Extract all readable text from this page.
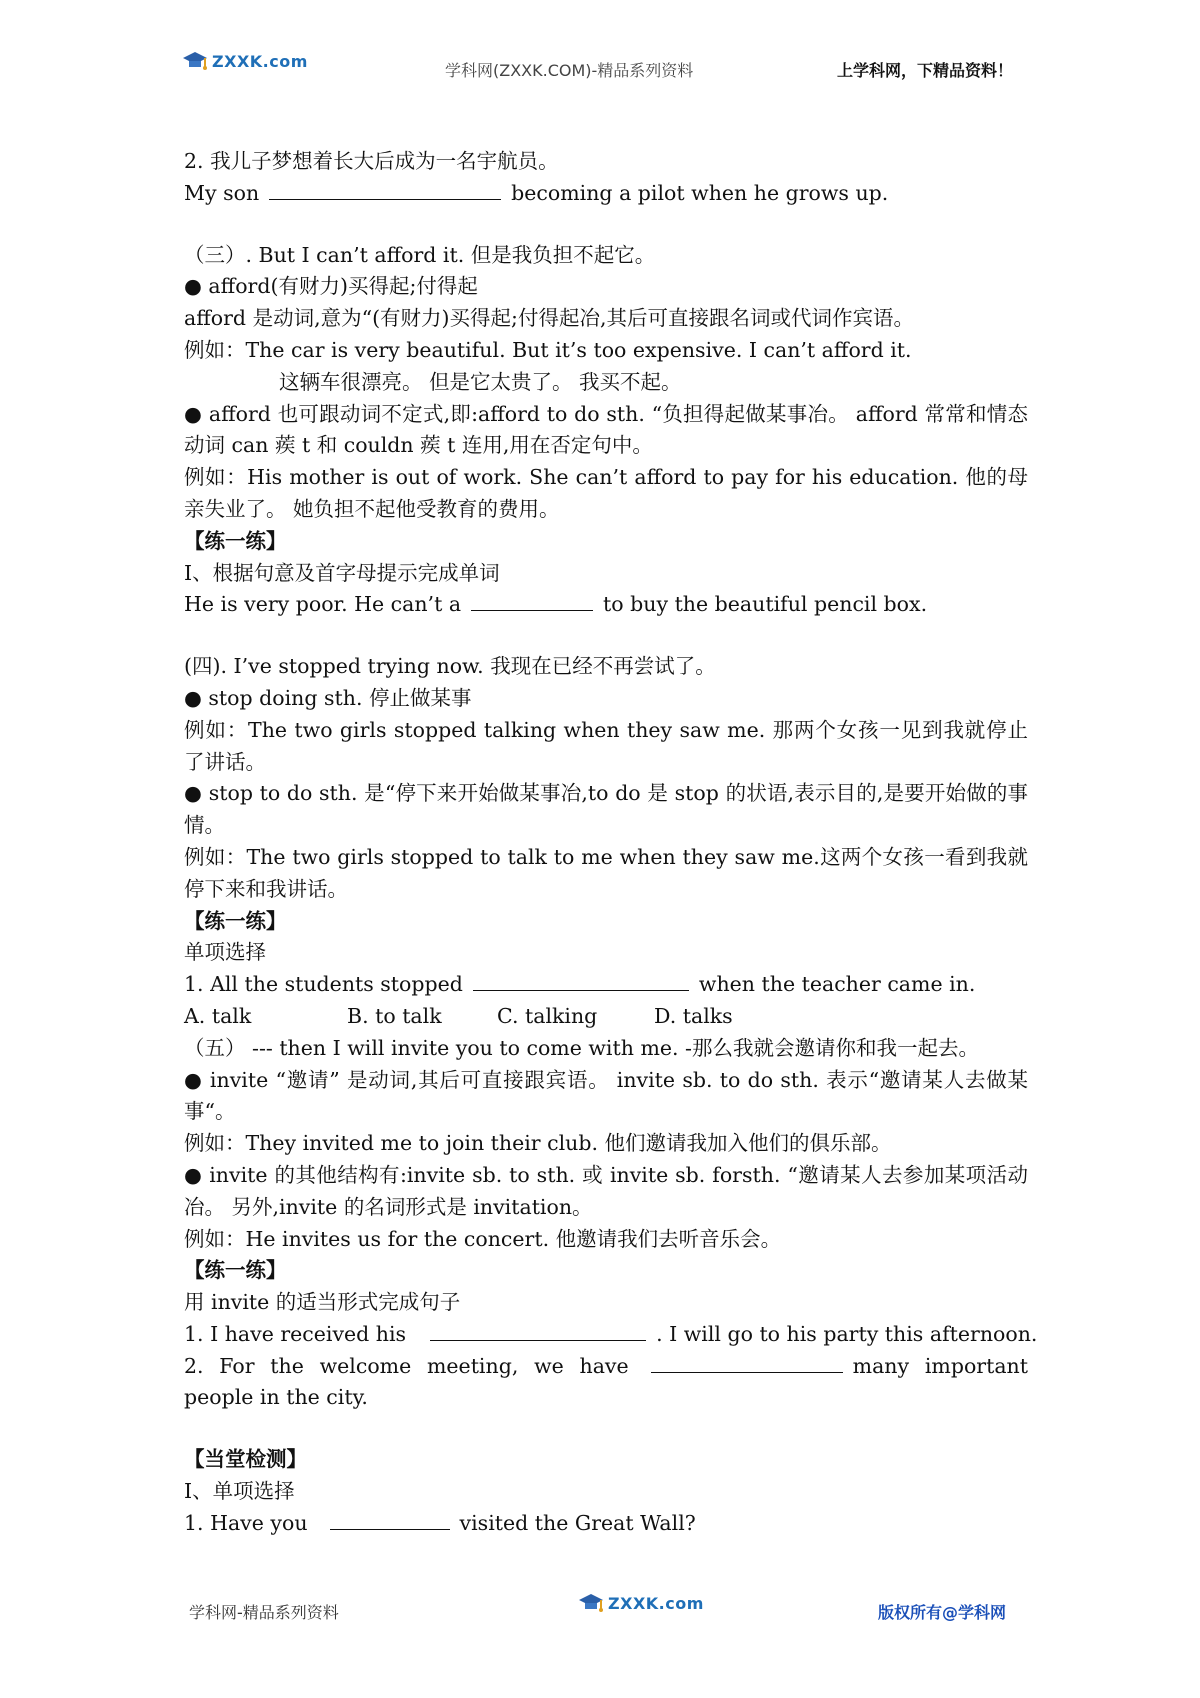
ZXXK.com	学科网(ZXXK.COM)-精品系列资料	上学科网，下精品资料！

2. 我儿子梦想着长大后成为一名宇航员。

My son	becoming a pilot when he grows up.

（三）. But I can’t afford it. 但是我负担不起它。

● afford(有财力)买得起;付得起

afford 是动词,意为“(有财力)买得起;付得起冶,其后可直接跟名词或代词作宾语。

例如：The car is very beautiful. But it’s too expensive. I can’t afford it.

这辆车很漂亮。 但是它太贵了。 我买不起。

● afford 也可跟动词不定式,即:afford to do sth. “负担得起做某事冶。 afford 常常和情态动词 can 蒺 t 和 couldn 蒺 t 连用,用在否定句中。

例如：His mother is out of work. She can’t afford to pay for his education. 他的母亲失业了。 她负担不起他受教育的费用。

【练一练】

I、根据句意及首字母提示完成单词

He is very poor. He can’t a	to buy the beautiful pencil box.

(四). I’ve stopped trying now. 我现在已经不再尝试了。

● stop doing sth. 停止做某事

例如：The two girls stopped talking when they saw me. 那两个女孩一见到我就停止了讲话。

● stop to do sth. 是“停下来开始做某事冶,to do 是 stop 的状语,表示目的,是要开始做的事情。

例如：The two girls stopped to talk to me when they saw me.这两个女孩一看到我就停下来和我讲话。

【练一练】

单项选择

1. All the students stopped	when the teacher came in.

A. talk	B. to talk	C. talking	D. talks

（五） --- then I will invite you to come with me. -那么我就会邀请你和我一起去。

● invite “邀请” 是动词,其后可直接跟宾语。 invite sb. to do sth. 表示“邀请某人去做某事“。

例如：They invited me to join their club. 他们邀请我加入他们的俱乐部。

● invite 的其他结构有:invite sb. to sth. 或 invite sb. forsth. “邀请某人去参加某项活动冶。 另外,invite 的名词形式是 invitation。

例如：He invites us for the concert. 他邀请我们去听音乐会。

【练一练】

用 invite 的适当形式完成句子

1. I have received his	. I will go to his party this afternoon.

2. For the welcome meeting, we have	many important people in the city.

【当堂检测】

I、单项选择

1. Have you	visited the Great Wall?

学科网-精品系列资料	ZXXK.com	版权所有@学科网
